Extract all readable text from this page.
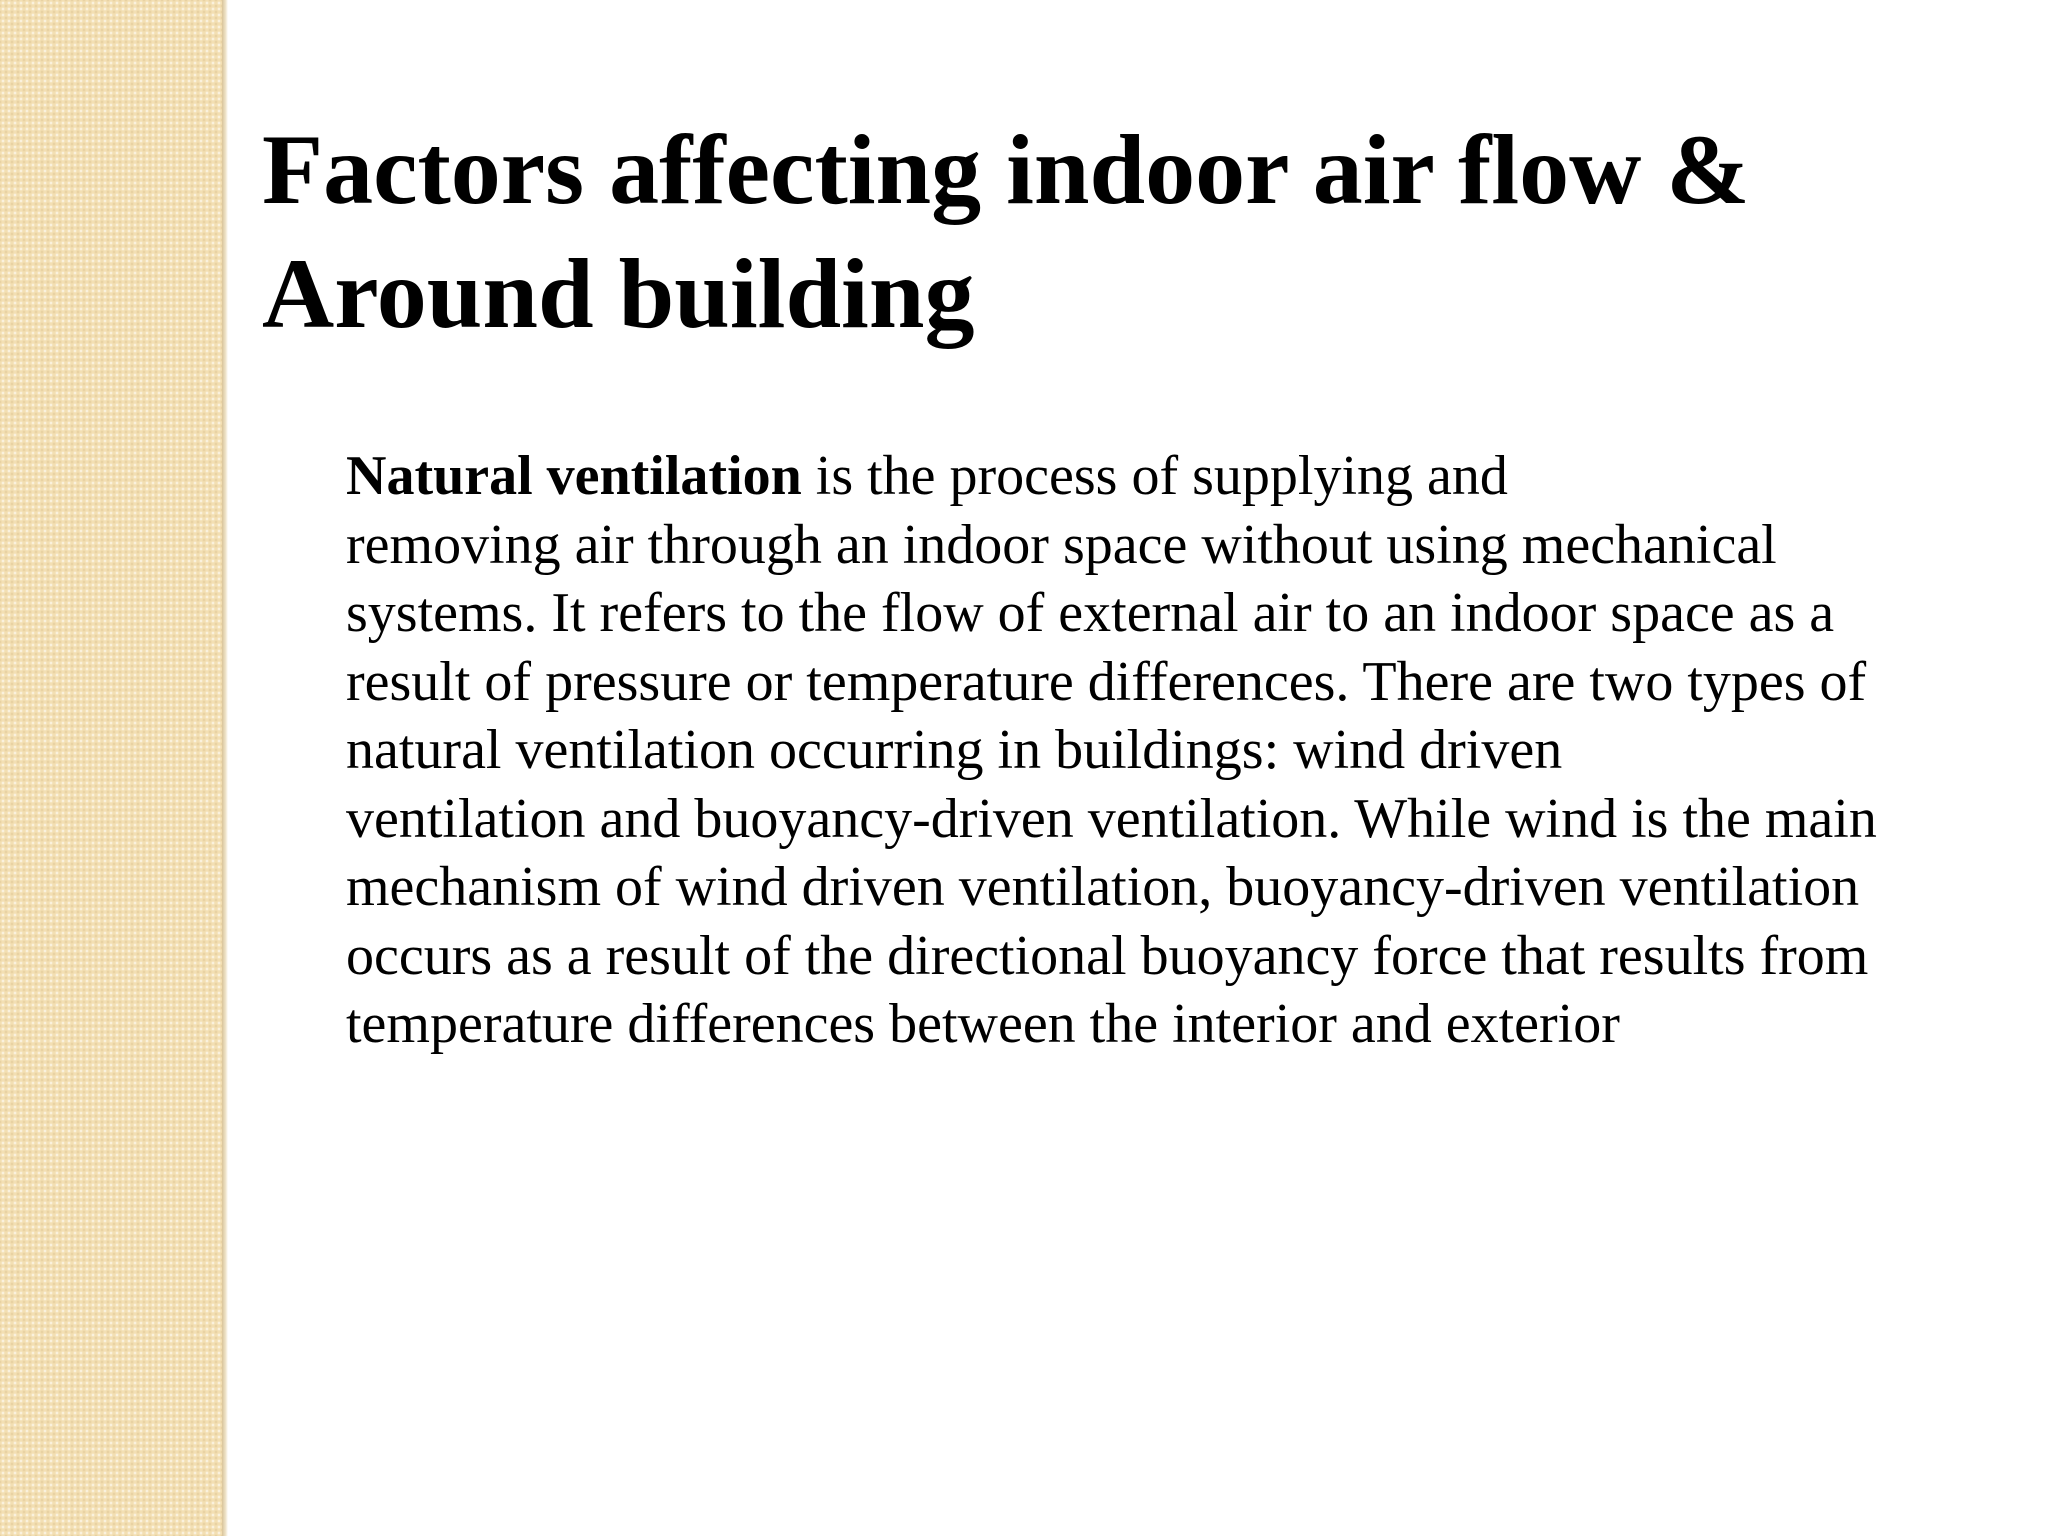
Factors affecting indoor air flow &
Around building
Natural ventilation is the process of supplying and
removing air through an indoor space without using mechanical
systems. It refers to the flow of external air to an indoor space as a
result of pressure or temperature differences. There are two types of
natural ventilation occurring in buildings: wind driven
ventilation and buoyancy-driven ventilation. While wind is the main
mechanism of wind driven ventilation, buoyancy-driven ventilation
occurs as a result of the directional buoyancy force that results from
temperature differences between the interior and exterior
